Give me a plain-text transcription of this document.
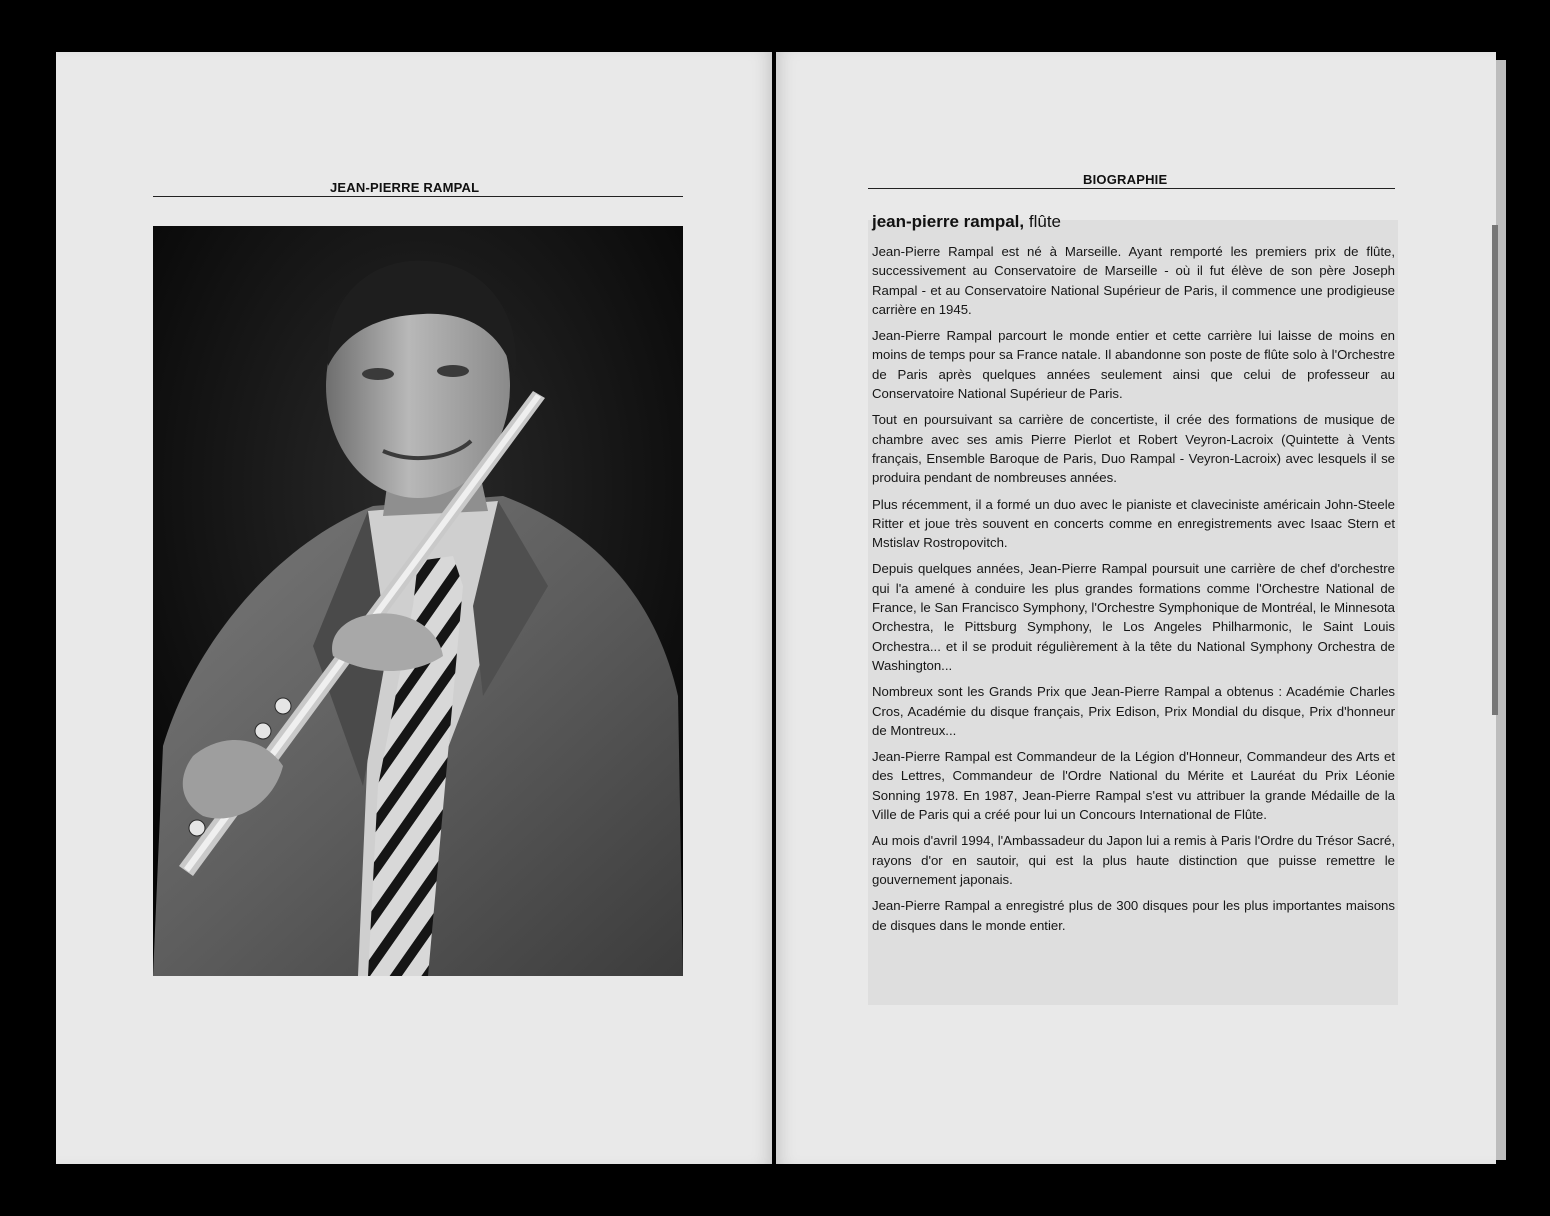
JEAN-PIERRE RAMPAL
BIOGRAPHIE
jean-pierre rampal, flûte

Jean-Pierre Rampal est né à Marseille. Ayant remporté les premiers prix de flûte, successivement au Conservatoire de Marseille - où il fut élève de son père Joseph Rampal - et au Conservatoire National Supérieur de Paris, il commence une prodigieuse carrière en 1945.

Jean-Pierre Rampal parcourt le monde entier et cette carrière lui laisse de moins en moins de temps pour sa France natale. Il abandonne son poste de flûte solo à l'Orchestre de Paris après quelques années seulement ainsi que celui de professeur au Conservatoire National Supérieur de Paris.

Tout en poursuivant sa carrière de concertiste, il crée des formations de musique de chambre avec ses amis Pierre Pierlot et Robert Veyron-Lacroix (Quintette à Vents français, Ensemble Baroque de Paris, Duo Rampal - Veyron-Lacroix) avec lesquels il se produira pendant de nombreuses années.

Plus récemment, il a formé un duo avec le pianiste et claveciniste américain John-Steele Ritter et joue très souvent en concerts comme en enregistrements avec Isaac Stern et Mstislav Rostropovitch.

Depuis quelques années, Jean-Pierre Rampal poursuit une carrière de chef d'orchestre qui l'a amené à conduire les plus grandes formations comme l'Orchestre National de France, le San Francisco Symphony, l'Orchestre Symphonique de Montréal, le Minnesota Orchestra, le Pittsburg Symphony, le Los Angeles Philharmonic, le Saint Louis Orchestra... et il se produit régulièrement à la tête du National Symphony Orchestra de Washington...

Nombreux sont les Grands Prix que Jean-Pierre Rampal a obtenus : Académie Charles Cros, Académie du disque français, Prix Edison, Prix Mondial du disque, Prix d'honneur de Montreux...

Jean-Pierre Rampal est Commandeur de la Légion d'Honneur, Commandeur des Arts et des Lettres, Commandeur de l'Ordre National du Mérite et Lauréat du Prix Léonie Sonning 1978. En 1987, Jean-Pierre Rampal s'est vu attribuer la grande Médaille de la Ville de Paris qui a créé pour lui un Concours International de Flûte.

Au mois d'avril 1994, l'Ambassadeur du Japon lui a remis à Paris l'Ordre du Trésor Sacré, rayons d'or en sautoir, qui est la plus haute distinction que puisse remettre le gouvernement japonais.

Jean-Pierre Rampal a enregistré plus de 300 disques pour les plus importantes maisons de disques dans le monde entier.
